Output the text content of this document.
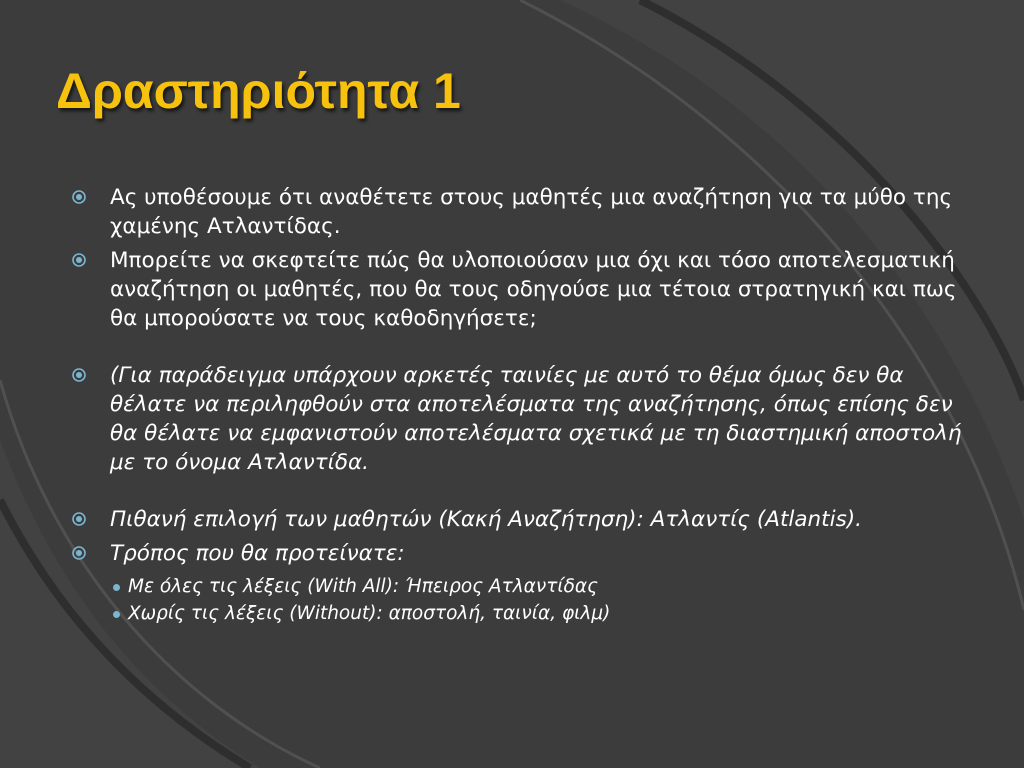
Δραστηριότητα 1
Ας υποθέσουμε ότι αναθέτετε στους μαθητές μια αναζήτηση για τα μύθο της χαμένης Ατλαντίδας.
Μπορείτε να σκεφτείτε πώς θα υλοποιούσαν μια όχι και τόσο αποτελεσματική αναζήτηση οι μαθητές, που θα τους οδηγούσε μια τέτοια στρατηγική και πως θα μπορούσατε να τους καθοδηγήσετε;
(Για παράδειγμα υπάρχουν αρκετές ταινίες με αυτό το θέμα όμως δεν θα θέλατε να περιληφθούν στα αποτελέσματα της αναζήτησης, όπως επίσης δεν θα θέλατε να εμφανιστούν αποτελέσματα σχετικά με τη διαστημική αποστολή με το όνομα Ατλαντίδα.
Πιθανή επιλογή των μαθητών (Κακή Αναζήτηση): Ατλαντίς (Atlantis).
Τρόπος που θα προτείνατε:
Με όλες τις λέξεις (With All): Ήπειρος Ατλαντίδας
Χωρίς τις λέξεις (Without): αποστολή, ταινία, φιλμ)
